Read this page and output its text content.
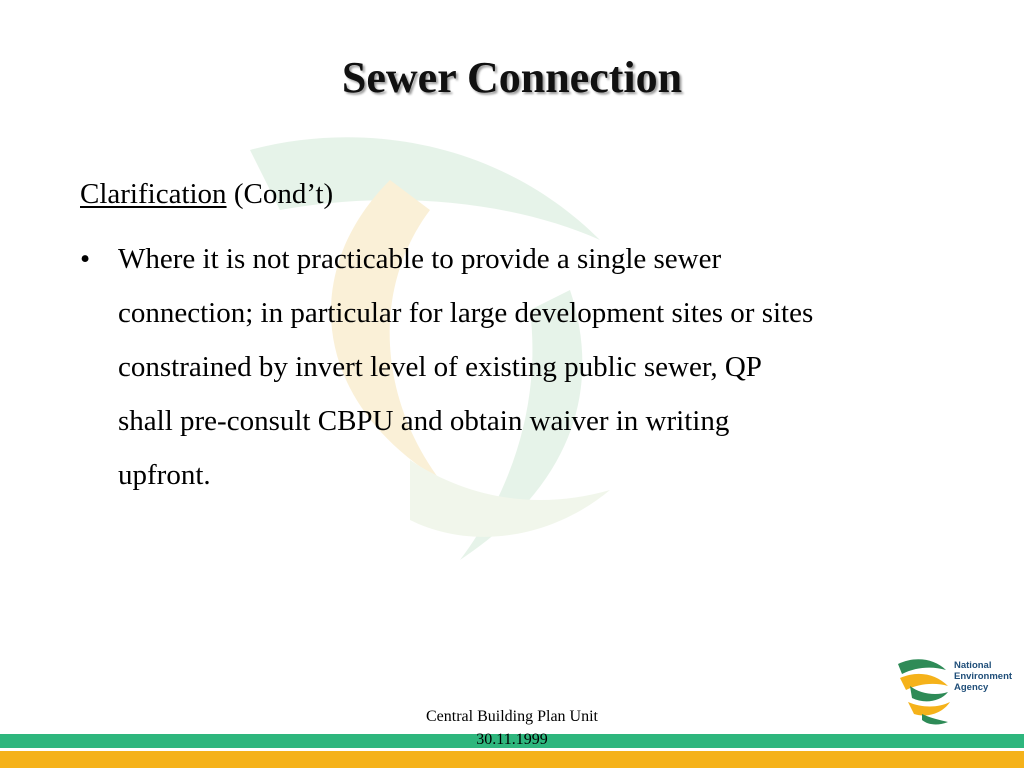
Sewer Connection
Clarification (Cond’t)
• Where it is not practicable to provide a single sewer
connection; in particular for large development sites or sites
constrained by invert level of existing public sewer, QP
shall pre-consult CBPU and obtain waiver in writing
upfront.
National
Environment
Agency
Central Building Plan Unit
30.11.1999
